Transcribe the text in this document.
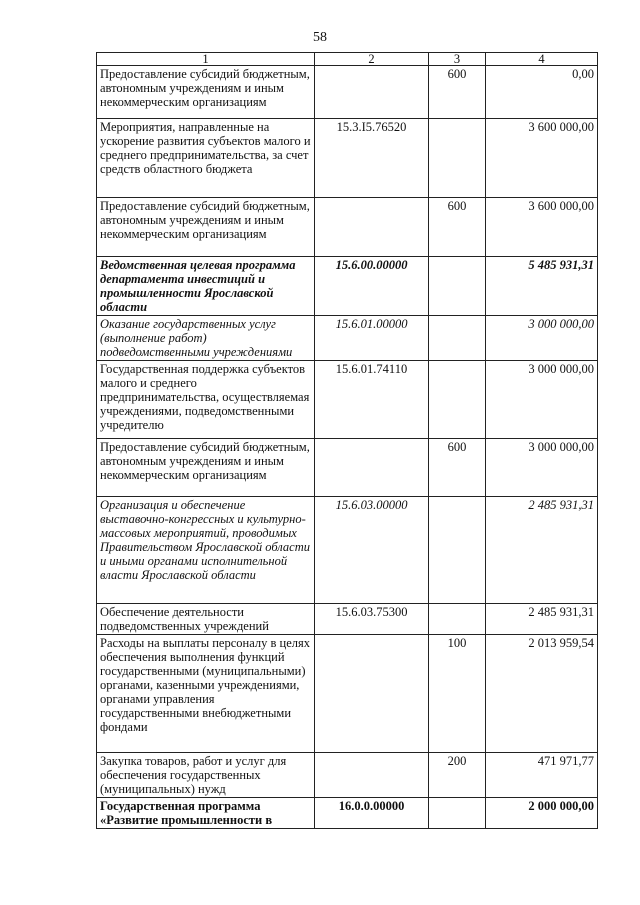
58
1	2	3	4
Предоставление субсидий бюджетным, автономным учреждениям и иным некоммерческим организациям		600	0,00
Мероприятия, направленные на ускорение развития субъектов малого и среднего предпринимательства, за счет средств областного бюджета	15.3.I5.76520		3 600 000,00
Предоставление субсидий бюджетным, автономным учреждениям и иным некоммерческим организациям		600	3 600 000,00
Ведомственная целевая программа департамента инвестиций и промышленности Ярославской области	15.6.00.00000		5 485 931,31
Оказание государственных услуг (выполнение работ) подведомственными учреждениями	15.6.01.00000		3 000 000,00
Государственная поддержка субъектов малого и среднего предпринимательства, осуществляемая учреждениями, подведомственными учредителю	15.6.01.74110		3 000 000,00
Предоставление субсидий бюджетным, автономным учреждениям и иным некоммерческим организациям		600	3 000 000,00
Организация и обеспечение выставочно-конгрессных и культурно-массовых мероприятий, проводимых Правительством Ярославской области и иными органами исполнительной власти Ярославской области	15.6.03.00000		2 485 931,31
Обеспечение деятельности подведомственных учреждений	15.6.03.75300		2 485 931,31
Расходы на выплаты персоналу в целях обеспечения выполнения функций государственными (муниципальными) органами, казенными учреждениями, органами управления государственными внебюджетными фондами		100	2 013 959,54
Закупка товаров, работ и услуг для обеспечения государственных (муниципальных) нужд		200	471 971,77
Государственная программа «Развитие промышленности в	16.0.0.00000		2 000 000,00
